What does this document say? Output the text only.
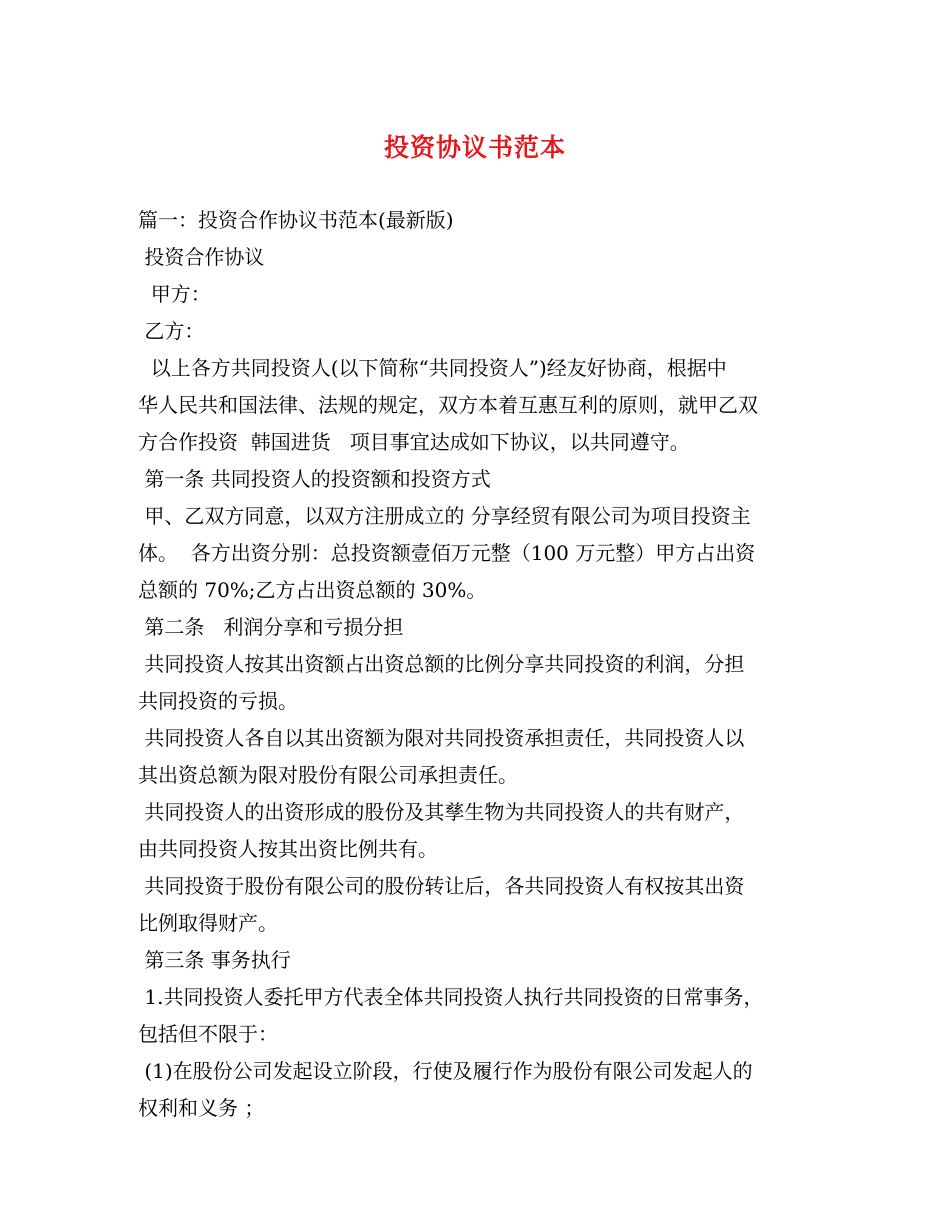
投资协议书范本
篇一：投资合作协议书范本(最新版)
投资合作协议
甲方：
乙方：
以上各方共同投资人(以下简称“共同投资人”)经友好协商，根据中
华人民共和国法律、法规的规定，双方本着互惠互利的原则，就甲乙双
方合作投资  韩国进货   项目事宜达成如下协议，以共同遵守。
第一条 共同投资人的投资额和投资方式
甲、乙双方同意，以双方注册成立的 分享经贸有限公司为项目投资主
体。  各方出资分别：总投资额壹佰万元整（100 万元整）甲方占出资
总额的 70%;乙方占出资总额的 30%。
第二条   利润分享和亏损分担
共同投资人按其出资额占出资总额的比例分享共同投资的利润，分担
共同投资的亏损。
共同投资人各自以其出资额为限对共同投资承担责任，共同投资人以
其出资总额为限对股份有限公司承担责任。
共同投资人的出资形成的股份及其孳生物为共同投资人的共有财产，
由共同投资人按其出资比例共有。
共同投资于股份有限公司的股份转让后，各共同投资人有权按其出资
比例取得财产。
第三条 事务执行
1.共同投资人委托甲方代表全体共同投资人执行共同投资的日常事务，
包括但不限于：
(1)在股份公司发起设立阶段，行使及履行作为股份有限公司发起人的
权利和义务 ；
